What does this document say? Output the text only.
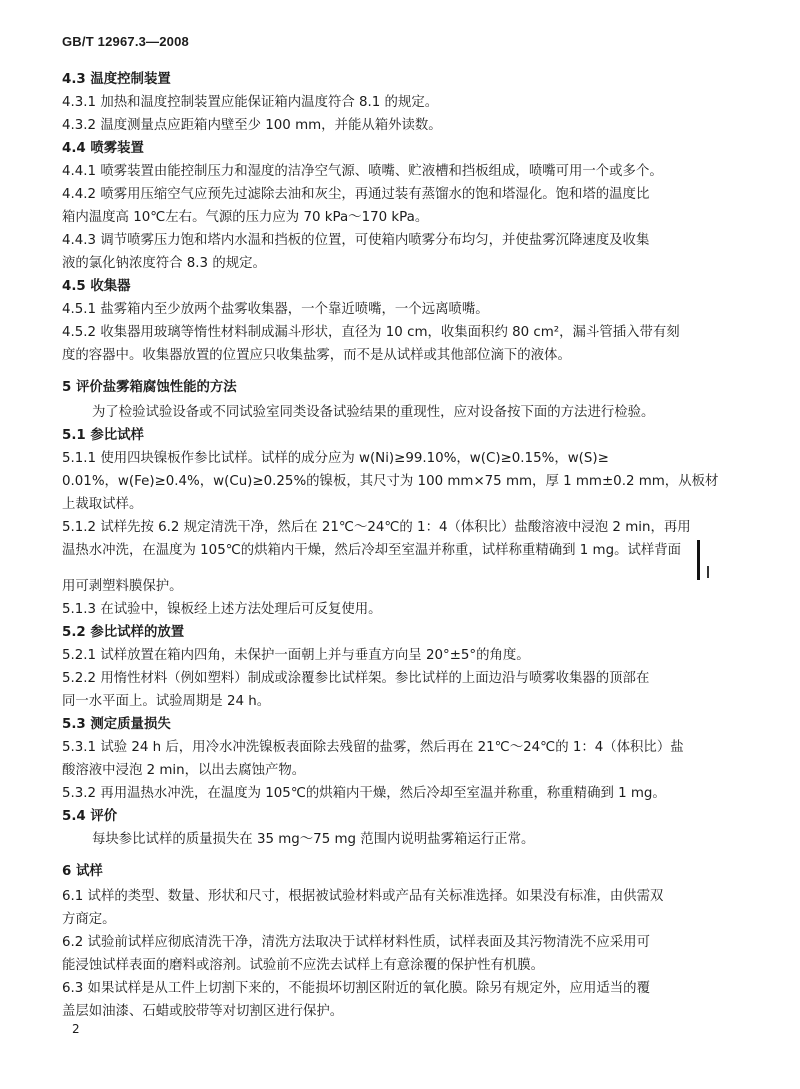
GB/T 12967.3—2008
4.3 温度控制装置
4.3.1 加热和温度控制装置应能保证箱内温度符合 8.1 的规定。
4.3.2 温度测量点应距箱内壁至少 100 mm，并能从箱外读数。
4.4 喷雾装置
4.4.1 喷雾装置由能控制压力和湿度的洁净空气源、喷嘴、贮液槽和挡板组成，喷嘴可用一个或多个。
4.4.2 喷雾用压缩空气应预先过滤除去油和灰尘，再通过装有蒸馏水的饱和塔湿化。饱和塔的温度比
箱内温度高 10℃左右。气源的压力应为 70 kPa～170 kPa。
4.4.3 调节喷雾压力饱和塔内水温和挡板的位置，可使箱内喷雾分布均匀，并使盐雾沉降速度及收集
液的氯化钠浓度符合 8.3 的规定。
4.5 收集器
4.5.1 盐雾箱内至少放两个盐雾收集器，一个靠近喷嘴，一个远离喷嘴。
4.5.2 收集器用玻璃等惰性材料制成漏斗形状，直径为 10 cm，收集面积约 80 cm²，漏斗管插入带有刻
度的容器中。收集器放置的位置应只收集盐雾，而不是从试样或其他部位滴下的液体。
5 评价盐雾箱腐蚀性能的方法
为了检验试验设备或不同试验室同类设备试验结果的重现性，应对设备按下面的方法进行检验。
5.1 参比试样
5.1.1 使用四块镍板作参比试样。试样的成分应为 w(Ni)≥99.10%，w(C)≥0.15%，w(S)≥
0.01%，w(Fe)≥0.4%，w(Cu)≥0.25%的镍板，其尺寸为 100 mm×75 mm，厚 1 mm±0.2 mm，从板材
上裁取试样。
5.1.2 试样先按 6.2 规定清洗干净，然后在 21℃～24℃的 1：4（体积比）盐酸溶液中浸泡 2 min，再用
温热水冲洗，在温度为 105℃的烘箱内干燥，然后冷却至室温并称重，试样称重精确到 1 mg。试样背面
用可剥塑料膜保护。
5.1.3 在试验中，镍板经上述方法处理后可反复使用。
5.2 参比试样的放置
5.2.1 试样放置在箱内四角，未保护一面朝上并与垂直方向呈 20°±5°的角度。
5.2.2 用惰性材料（例如塑料）制成或涂覆参比试样架。参比试样的上面边沿与喷雾收集器的顶部在
同一水平面上。试验周期是 24 h。
5.3 测定质量损失
5.3.1 试验 24 h 后，用冷水冲洗镍板表面除去残留的盐雾，然后再在 21℃～24℃的 1：4（体积比）盐
酸溶液中浸泡 2 min，以出去腐蚀产物。
5.3.2 再用温热水冲洗，在温度为 105℃的烘箱内干燥，然后冷却至室温并称重，称重精确到 1 mg。
5.4 评价
每块参比试样的质量损失在 35 mg～75 mg 范围内说明盐雾箱运行正常。
6 试样
6.1 试样的类型、数量、形状和尺寸，根据被试验材料或产品有关标准选择。如果没有标准，由供需双
方商定。
6.2 试验前试样应彻底清洗干净，清洗方法取决于试样材料性质，试样表面及其污物清洗不应采用可
能浸蚀试样表面的磨料或溶剂。试验前不应洗去试样上有意涂覆的保护性有机膜。
6.3 如果试样是从工件上切割下来的，不能损坏切割区附近的氧化膜。除另有规定外，应用适当的覆
盖层如油漆、石蜡或胶带等对切割区进行保护。
2
